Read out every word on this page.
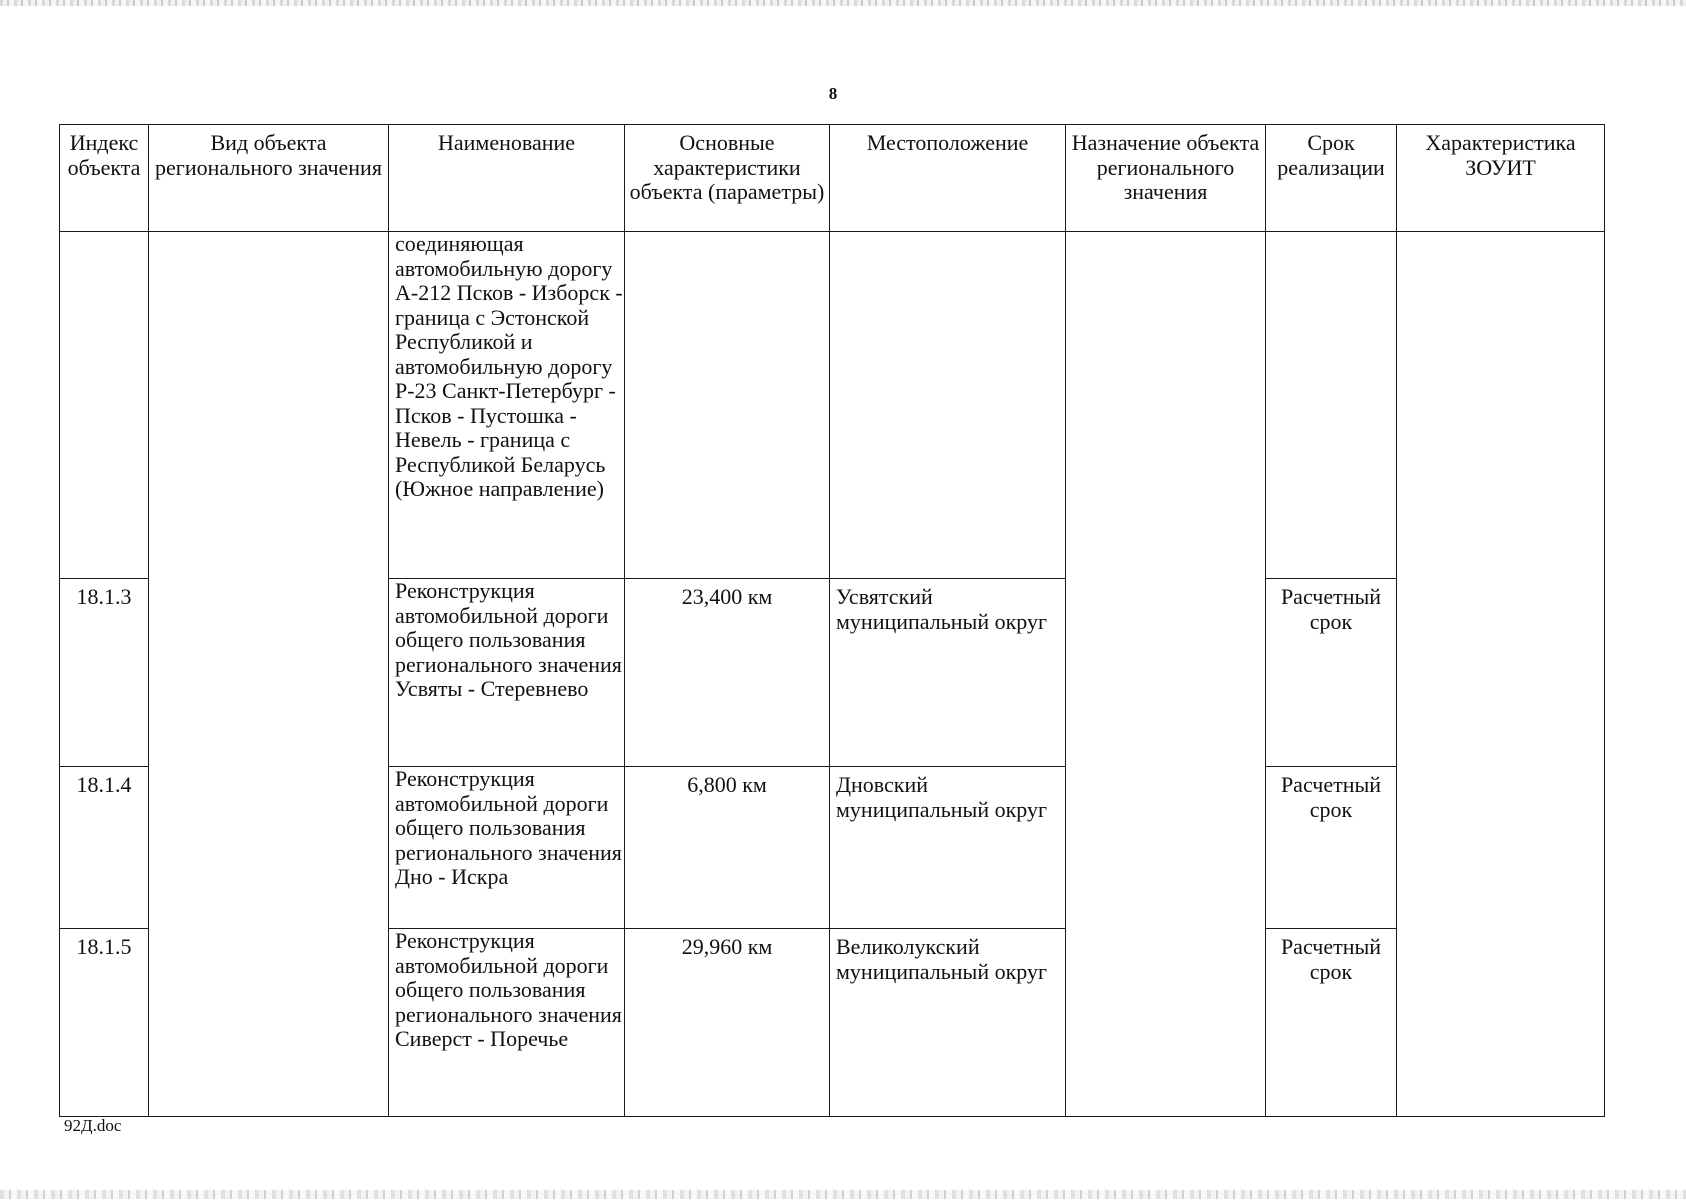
8
Индекс объекта	Вид объекта регионального значения	Наименование	Основные характеристики объекта (параметры)	Местоположение	Назначение объекта регионального значения	Срок реализации	Характеристика ЗОУИТ
		соединяющая автомобильную дорогу А-212 Псков - Изборск - граница с Эстонской Республикой и автомобильную дорогу Р-23 Санкт-Петербург - Псков - Пустошка - Невель - граница с Республикой Беларусь (Южное направление)					
18.1.3		Реконструкция автомобильной дороги общего пользования регионального значения Усвяты - Стеревнево	23,400 км	Усвятский муниципальный округ		Расчетный срок	
18.1.4		Реконструкция автомобильной дороги общего пользования регионального значения Дно - Искра	6,800 км	Дновский муниципальный округ		Расчетный срок	
18.1.5		Реконструкция автомобильной дороги общего пользования регионального значения Сиверст - Поречье	29,960 км	Великолукский муниципальный округ		Расчетный срок	
92Д.doc
